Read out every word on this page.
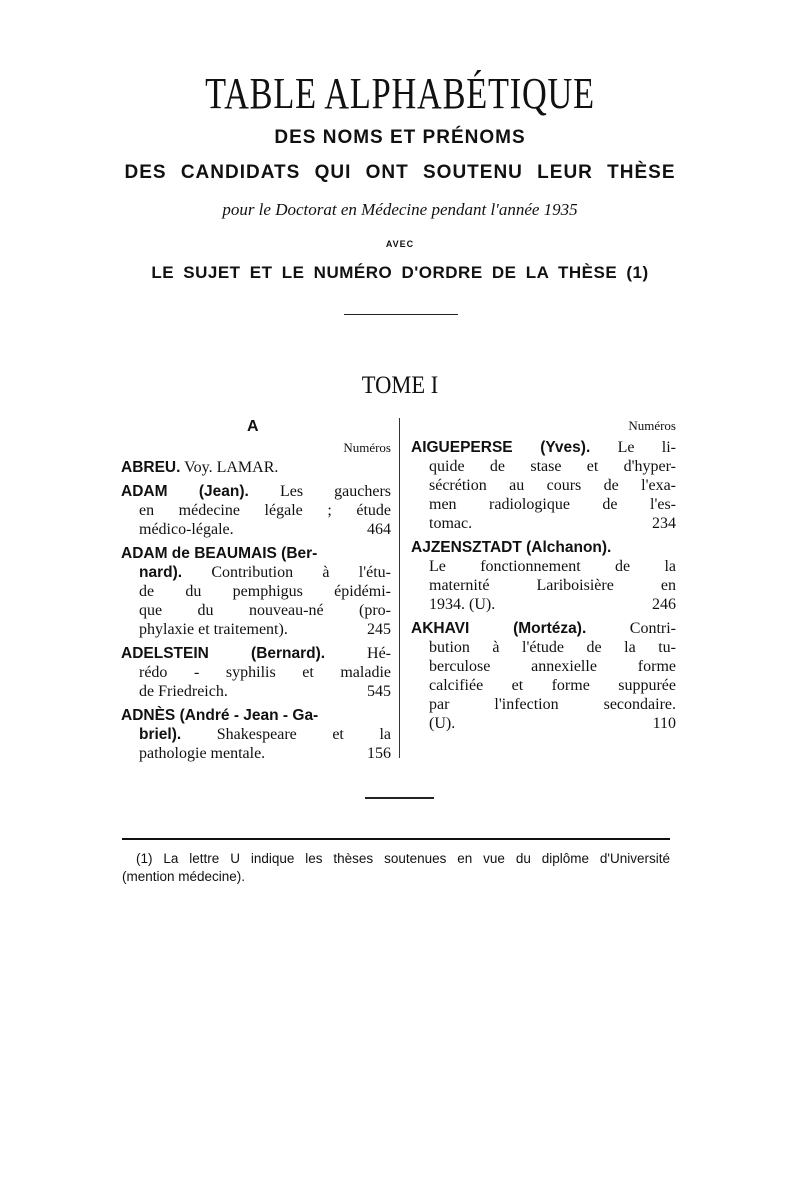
TABLE ALPHABÉTIQUE
DES NOMS ET PRÉNOMS
DES CANDIDATS QUI ONT SOUTENU LEUR THÈSE
pour le Doctorat en Médecine pendant l'année 1935
AVEC
LE SUJET ET LE NUMÉRO D'ORDRE DE LA THÈSE (1)
TOME I
A
Numéros
ABREU. Voy. LAMAR.
ADAM (Jean). Les gauchers
en médecine légale ; étude
médico-légale.	464
ADAM de BEAUMAIS (Ber-
nard). Contribution à l'étu-
de du pemphigus épidémi-
que du nouveau-né (pro-
phylaxie et traitement).	245
ADELSTEIN (Bernard).	Hé-
rédo - syphilis et maladie
de Friedreich.	545
ADNÈS (André - Jean - Ga-
briel). Shakespeare et la
pathologie mentale.	156
Numéros
AIGUEPERSE (Yves). Le li-
quide de stase et d'hyper-
sécrétion au cours de l'exa-
men radiologique de l'es-
tomac.	234
AJZENSZTADT (Alchanon).
Le fonctionnement de la
maternité Lariboisière en
1934. (U).	246
AKHAVI (Mortéza).	Contri-
bution à l'étude de la tu-
berculose annexielle forme
calcifiée et forme suppurée
par l'infection secondaire.
(U).	110
(1) La lettre U indique les thèses soutenues en vue du diplôme d'Université
(mention médecine).
